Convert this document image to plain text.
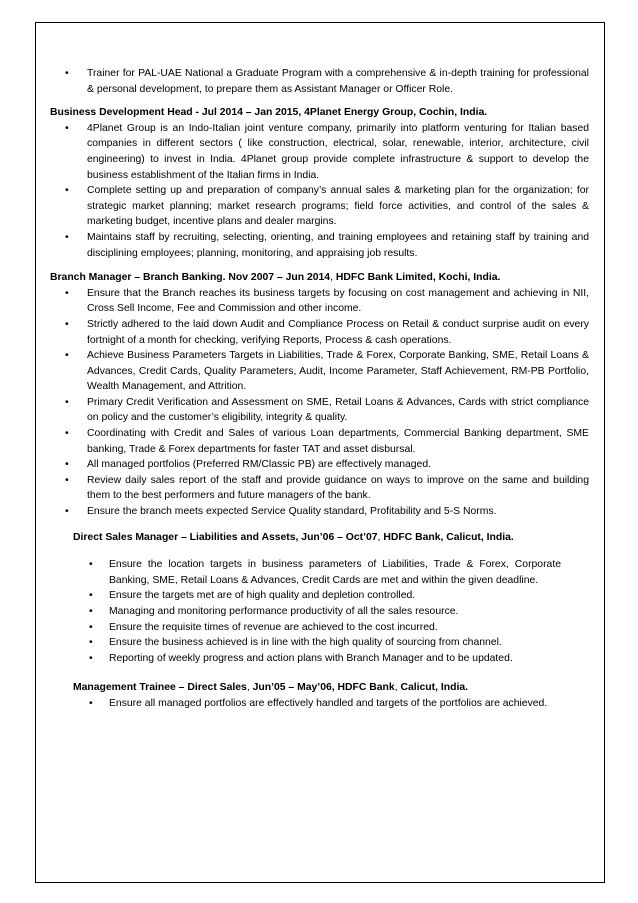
• Trainer for PAL-UAE National a Graduate Program with a comprehensive & in-depth training for professional & personal development, to prepare them as Assistant Manager or Officer Role.

Business Development Head - Jul 2014 – Jan 2015, 4Planet Energy Group, Cochin, India.

• 4Planet Group is an Indo-Italian joint venture company, primarily into platform venturing for Italian based companies in different sectors ( like construction, electrical, solar, renewable, interior, architecture, civil engineering) to invest in India. 4Planet group provide complete infrastructure & support to develop the business establishment of the Italian firms in India.
• Complete setting up and preparation of company’s annual sales & marketing plan for the organization; for strategic market planning; market research programs; field force activities, and control of the sales & marketing budget, incentive plans and dealer margins.
• Maintains staff by recruiting, selecting, orienting, and training employees and retaining staff by training and disciplining employees; planning, monitoring, and appraising job results.

Branch Manager – Branch Banking. Nov 2007 – Jun 2014, HDFC Bank Limited, Kochi, India.

• Ensure that the Branch reaches its business targets by focusing on cost management and achieving in NII, Cross Sell Income, Fee and Commission and other income.
• Strictly adhered to the laid down Audit and Compliance Process on Retail & conduct surprise audit on every fortnight of a month for checking, verifying Reports, Process & cash operations.
• Achieve Business Parameters Targets in Liabilities, Trade & Forex, Corporate Banking, SME, Retail Loans & Advances, Credit Cards, Quality Parameters, Audit, Income Parameter, Staff Achievement, RM-PB Portfolio, Wealth Management, and Attrition.
• Primary Credit Verification and Assessment on SME, Retail Loans & Advances, Cards with strict compliance on policy and the customer’s eligibility, integrity & quality.
• Coordinating with Credit and Sales of various Loan departments, Commercial Banking department, SME banking, Trade & Forex departments for faster TAT and asset disbursal.
• All managed portfolios (Preferred RM/Classic PB) are effectively managed.
• Review daily sales report of the staff and provide guidance on ways to improve on the same and building them to the best performers and future managers of the bank.
• Ensure the branch meets expected Service Quality standard, Profitability and 5-S Norms.

Direct Sales Manager – Liabilities and Assets, Jun’06 – Oct’07, HDFC Bank, Calicut, India.

• Ensure the location targets in business parameters of Liabilities, Trade & Forex, Corporate Banking, SME, Retail Loans & Advances, Credit Cards are met and within the given deadline.
• Ensure the targets met are of high quality and depletion controlled.
• Managing and monitoring performance productivity of all the sales resource.
• Ensure the requisite times of revenue are achieved to the cost incurred.
• Ensure the business achieved is in line with the high quality of sourcing from channel.
• Reporting of weekly progress and action plans with Branch Manager and to be updated.

Management Trainee – Direct Sales, Jun’05 – May’06, HDFC Bank, Calicut, India.

• Ensure all managed portfolios are effectively handled and targets of the portfolios are achieved.
